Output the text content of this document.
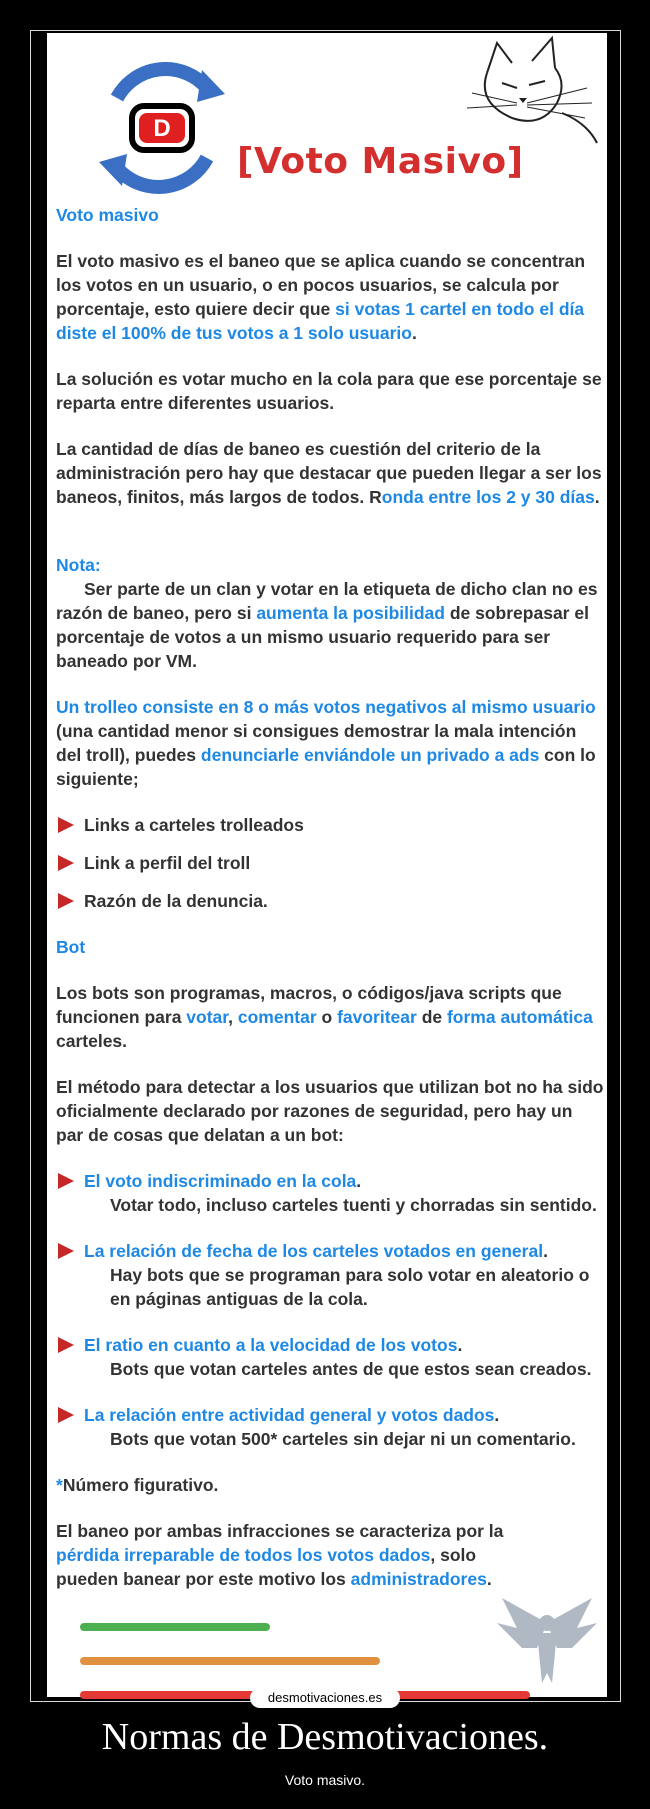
D
[Voto Masivo]

Voto masivo

El voto masivo es el baneo que se aplica cuando se concentran los votos en un usuario, o en pocos usuarios, se calcula por porcentaje, esto quiere decir que si votas 1 cartel en todo el día diste el 100% de tus votos a 1 solo usuario.

La solución es votar mucho en la cola para que ese porcentaje se reparta entre diferentes usuarios.

La cantidad de días de baneo es cuestión del criterio de la administración pero hay que destacar que pueden llegar a ser los baneos, finitos, más largos de todos. Ronda entre los 2 y 30 días.

Nota:

Ser parte de un clan y votar en la etiqueta de dicho clan no es razón de baneo, pero si aumenta la posibilidad de sobrepasar el porcentaje de votos a un mismo usuario requerido para ser baneado por VM.

Un trolleo consiste en 8 o más votos negativos al mismo usuario (una cantidad menor si consigues demostrar la mala intención del troll), puedes denunciarle enviándole un privado a ads con lo siguiente;

Links a carteles trolleados
Link a perfil del troll
Razón de la denuncia.

Bot

Los bots son programas, macros, o códigos/java scripts que funcionen para votar, comentar o favoritear de forma automática carteles.

El método para detectar a los usuarios que utilizan bot no ha sido oficialmente declarado por razones de seguridad, pero hay un par de cosas que delatan a un bot:

El voto indiscriminado en la cola .

Votar todo, incluso carteles tuenti y chorradas sin sentido.

La relación de fecha de los carteles votados en general .

Hay bots que se programan para solo votar en aleatorio o en páginas antiguas de la cola.

El ratio en cuanto a la velocidad de los votos .

Bots que votan carteles antes de que estos sean creados.

La relación entre actividad general y votos dados .

Bots que votan 500* carteles sin dejar ni un comentario.

*Número figurativo.

El baneo por ambas infracciones se caracteriza por la pérdida irreparable de todos los votos dados, solo pueden banear por este motivo los administradores.

desmotivaciones.es
Normas de Desmotivaciones.
Voto masivo.
